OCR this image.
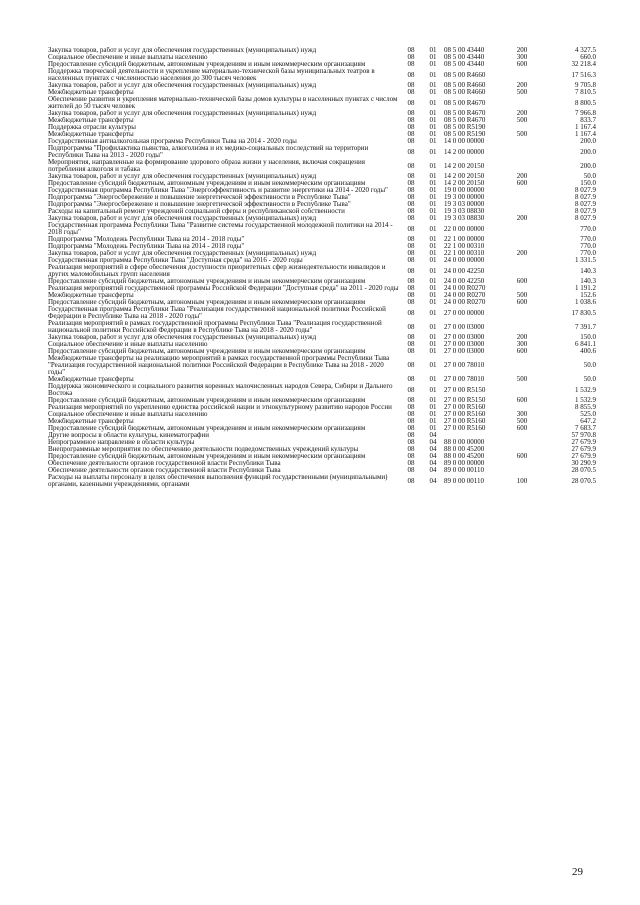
Закупка товаров, работ и услуг для обеспечения государственных (муниципальных) нужд	08	01	08 5 00 43440	200	4 327.5
Социальное обеспечение и иные выплаты населению	08	01	08 5 00 43440	300	660.0
Предоставление субсидий бюджетным, автономным учреждениям и иным некоммерческим организациям	08	01	08 5 00 43440	600	32 218.4
Поддержка творческой деятельности и укрепление материально-технической базы муниципальных театров в населенных пунктах с численностью населения до 300 тысяч человек	08	01	08 5 00 R4660		17 516.3
Закупка товаров, работ и услуг для обеспечения государственных (муниципальных) нужд	08	01	08 5 00 R4660	200	9 705.8
Межбюджетные трансферты	08	01	08 5 00 R4660	500	7 810.5
Обеспечение развития и укрепления материально-технической базы домов культуры в населенных пунктах с числом жителей до 50 тысяч человек	08	01	08 5 00 R4670		8 800.5
Закупка товаров, работ и услуг для обеспечения государственных (муниципальных) нужд	08	01	08 5 00 R4670	200	7 966.8
Межбюджетные трансферты	08	01	08 5 00 R4670	500	833.7
Поддержка отрасли культуры	08	01	08 5 00 R5190		1 167.4
Межбюджетные трансферты	08	01	08 5 00 R5190	500	1 167.4
Государственная антиалкогольная программа Республики Тыва на 2014 - 2020 годы	08	01	14 0 00 00000		200.0
Подпрограмма "Профилактика пьянства, алкоголизма и их медико-социальных последствий на территории Республики Тыва на 2013 - 2020 годы"	08	01	14 2 00 00000		200.0
Мероприятия, направленные на формирование здорового образа жизни у населения, включая сокращения потребления алкоголя и табака	08	01	14 2 00 20150		200.0
Закупка товаров, работ и услуг для обеспечения государственных (муниципальных) нужд	08	01	14 2 00 20150	200	50.0
Предоставление субсидий бюджетным, автономным учреждениям и иным некоммерческим организациям	08	01	14 2 00 20150	600	150.0
Государственная программа Республики Тыва "Энергоэффективность и развитие энергетики на 2014 - 2020 годы"	08	01	19 0 00 00000		8 027.9
Подпрограмма "Энергосбережение и повышение энергетической эффективности в Республике Тыва"	08	01	19 3 00 00000		8 027.9
Подпрограмма "Энергосбережение и повышение энергетической эффективности в Республике Тыва"	08	01	19 3 03 00000		8 027.9
Расходы на капитальный ремонт учреждений социальной сферы и республиканской собственности	08	01	19 3 03 08830		8 027.9
Закупка товаров, работ и услуг для обеспечения государственных (муниципальных) нужд	08	01	19 3 03 08830	200	8 027.9
Государственная программа Республики Тыва "Развитие системы государственной молодежной политики на 2014 - 2018 годы"	08	01	22 0 00 00000		770.0
Подпрограмма "Молодежь Республики Тыва на 2014 - 2018 годы"	08	01	22 1 00 00000		770.0
Подпрограмма "Молодежь Республики Тыва на 2014 - 2018 годы"	08	01	22 1 00 00310		770.0
Закупка товаров, работ и услуг для обеспечения государственных (муниципальных) нужд	08	01	22 1 00 00310	200	770.0
Государственная программа Республики Тыва "Доступная среда" на 2016 - 2020 годы	08	01	24 0 00 00000		1 331.5
Реализация мероприятий в сфере обеспечения доступности приоритетных сфер жизнедеятельности инвалидов и других маломобильных групп населения	08	01	24 0 00 42250		140.3
Предоставление субсидий бюджетным, автономным учреждениям и иным некоммерческим организациям	08	01	24 0 00 42250	600	140.3
Реализация мероприятий государственной программы Российской Федерации "Доступная среда" на 2011 - 2020 годы	08	01	24 0 00 R0270		1 191.2
Межбюджетные трансферты	08	01	24 0 00 R0270	500	152.6
Предоставление субсидий бюджетным, автономным учреждениям и иным некоммерческим организациям	08	01	24 0 00 R0270	600	1 038.6
Государственная программа Республики Тыва "Реализация государственной национальной политики Российской Федерации в Республике Тыва на 2018 - 2020 годы"	08	01	27 0 00 00000		17 830.5
Реализация мероприятий в рамках государственной программы Республики Тыва "Реализация государственной национальной политики Российской Федерации в Республике Тыва на 2018 - 2020 годы"	08	01	27 0 00 03000		7 391.7
Закупка товаров, работ и услуг для обеспечения государственных (муниципальных) нужд	08	01	27 0 00 03000	200	150.0
Социальное обеспечение и иные выплаты населению	08	01	27 0 00 03000	300	6 841.1
Предоставление субсидий бюджетным, автономным учреждениям и иным некоммерческим организациям	08	01	27 0 00 03000	600	400.6
Межбюджетные трансферты на реализацию мероприятий в рамках государственной программы Республики Тыва "Реализация государственной национальной политики Российской Федерации в Республике Тыва на 2018 - 2020 годы"	08	01	27 0 00 78010		50.0
Межбюджетные трансферты	08	01	27 0 00 78010	500	50.0
Поддержка экономического и социального развития коренных малочисленных народов Севера, Сибири и Дальнего Востока	08	01	27 0 00 R5150		1 532.9
Предоставление субсидий бюджетным, автономным учреждениям и иным некоммерческим организациям	08	01	27 0 00 R5150	600	1 532.9
Реализация мероприятий по укреплению единства российской нации и этнокультурному развитию народов России	08	01	27 0 00 R5160		8 855.9
Социальное обеспечение и иные выплаты населению	08	01	27 0 00 R5160	300	525.0
Межбюджетные трансферты	08	01	27 0 00 R5160	500	647.2
Предоставление субсидий бюджетным, автономным учреждениям и иным некоммерческим организациям	08	01	27 0 00 R5160	600	7 683.7
Другие вопросы в области культуры, кинематографии	08	04			57 970.8
Непрограммное направление в области культуры	08	04	88 0 00 00000		27 679.9
Внепрограммные мероприятия по обеспечению деятельности подведомственных учреждений культуры	08	04	88 0 00 45200		27 679.9
Предоставление субсидий бюджетным, автономным учреждениям и иным некоммерческим организациям	08	04	88 0 00 45200	600	27 679.9
Обеспечение деятельности органов государственной власти Республики Тыва	08	04	89 0 00 00000		30 290.9
Обеспечение деятельности органов государственной власти Республики Тыва	08	04	89 0 00 00110		28 070.5
Расходы на выплаты персоналу в целях обеспечения выполнения функций государственными (муниципальными) органами, казенными учреждениями, органами	08	04	89 0 00 00110	100	28 070.5
29
